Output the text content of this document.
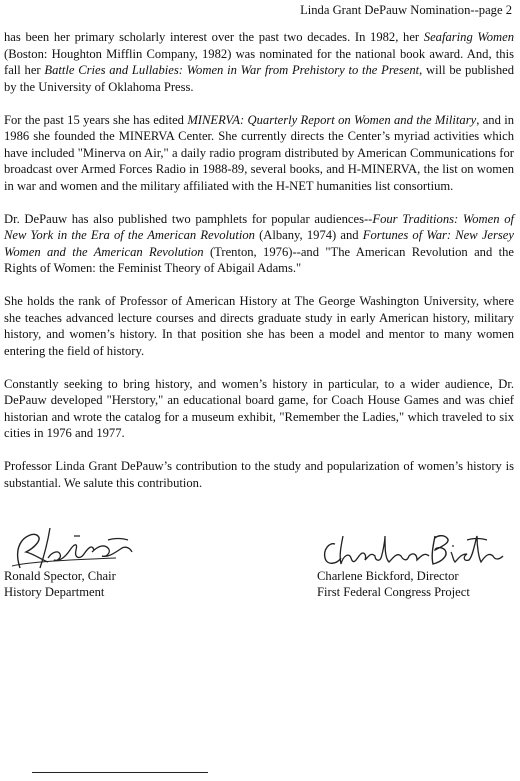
Linda Grant DePauw Nomination--page 2

has been her primary scholarly interest over the past two decades. In 1982, her Seafaring Women (Boston: Houghton Mifflin Company, 1982) was nominated for the national book award. And, this fall her Battle Cries and Lullabies: Women in War from Prehistory to the Present, will be published by the University of Oklahoma Press.

For the past 15 years she has edited MINERVA: Quarterly Report on Women and the Military, and in 1986 she founded the MINERVA Center. She currently directs the Center’s myriad activities which have included "Minerva on Air," a daily radio program distributed by American Communications for broadcast over Armed Forces Radio in 1988-89, several books, and H-MINERVA, the list on women in war and women and the military affiliated with the H-NET humanities list consortium.

Dr. DePauw has also published two pamphlets for popular audiences--Four Traditions: Women of New York in the Era of the American Revolution (Albany, 1974) and Fortunes of War: New Jersey Women and the American Revolution (Trenton, 1976)--and "The American Revolution and the Rights of Women: the Feminist Theory of Abigail Adams."

She holds the rank of Professor of American History at The George Washington University, where she teaches advanced lecture courses and directs graduate study in early American history, military history, and women’s history. In that position she has been a model and mentor to many women entering the field of history.

Constantly seeking to bring history, and women’s history in particular, to a wider audience, Dr. DePauw developed "Herstory," an educational board game, for Coach House Games and was chief historian and wrote the catalog for a museum exhibit, "Remember the Ladies," which traveled to six cities in 1976 and 1977.

Professor Linda Grant DePauw’s contribution to the study and popularization of women’s history is substantial. We salute this contribution.

Ronald Spector, Chair
History Department
Charlene Bickford, Director
First Federal Congress Project
